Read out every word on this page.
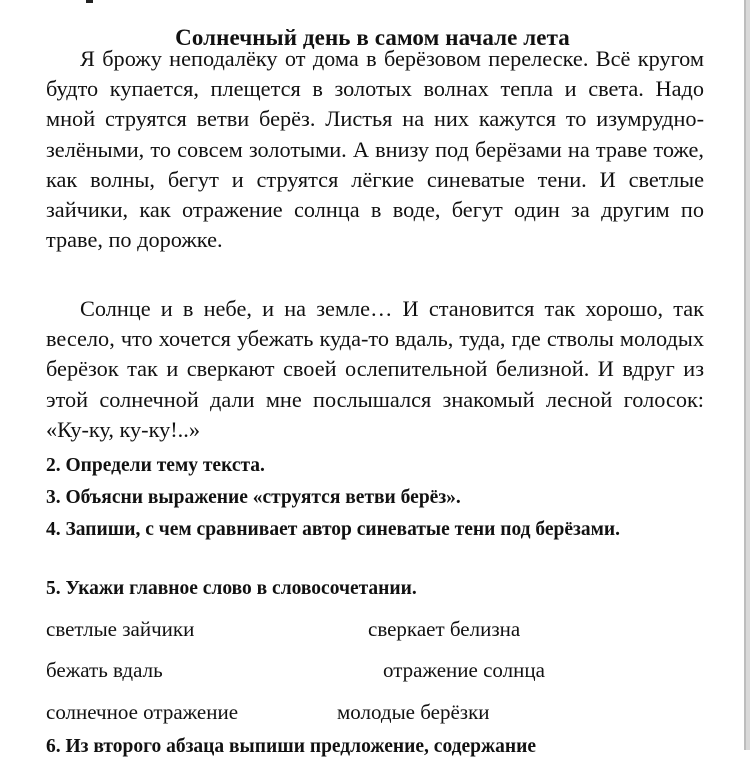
Солнечный день в самом начале лета

Я брожу неподалёку от дома в берёзовом перелеске. Всё кругом будто купается, плещется в золотых волнах тепла и света. Надо мной струятся ветви берёз. Листья на них кажутся то изумрудно-зелёными, то совсем золотыми. А внизу под берёзами на траве тоже, как волны, бегут и струятся лёгкие синеватые тени. И светлые зайчики, как отражение солнца в воде, бегут один за другим по траве, по дорожке.

Солнце и в небе, и на земле… И становится так хорошо, так весело, что хочется убежать куда-то вдаль, туда, где стволы молодых берёзок так и сверкают своей ослепительной белизной. И вдруг из этой солнечной дали мне послышался знакомый лесной голосок: «Ку-ку, ку-ку!..»

2. Определи тему текста.

3. Объясни выражение «струятся ветви берёз».

4. Запиши, с чем сравнивает автор синеватые тени под берёзами.

5. Укажи главное слово в словосочетании.

светлые зайчики	сверкает белизна
бежать вдаль	отражение солнца
солнечное отражение	молодые берёзки

6. Из второго абзаца выпиши предложение, содержание
